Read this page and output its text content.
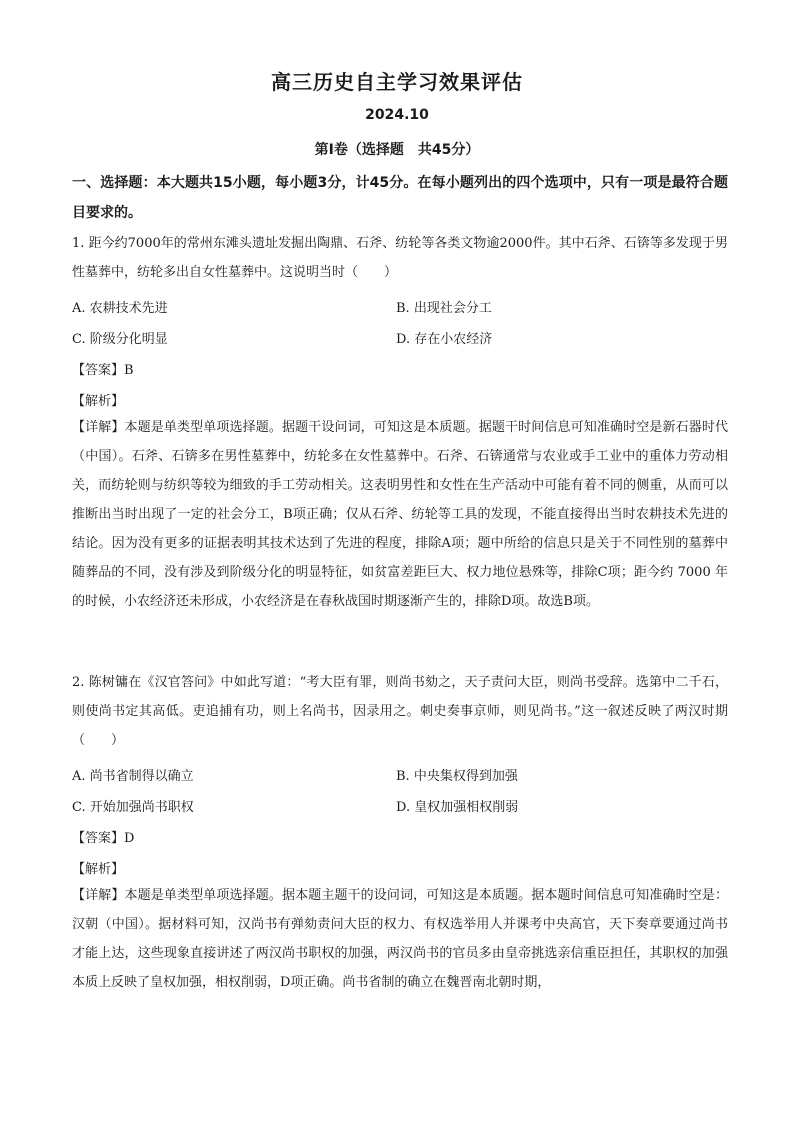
高三历史自主学习效果评估
2024.10
第Ⅰ卷（选择题　共45分）
一、选择题：本大题共15小题，每小题3分，计45分。在每小题列出的四个选项中，只有一项是最符合题目要求的。
1. 距今约7000年的常州东滩头遗址发掘出陶鼎、石斧、纺轮等各类文物逾2000件。其中石斧、石锛等多发现于男性墓葬中，纺轮多出自女性墓葬中。这说明当时（　　）
A. 农耕技术先进	B. 出现社会分工
C. 阶级分化明显	D. 存在小农经济
【答案】B
【解析】
【详解】本题是单类型单项选择题。据题干设问词，可知这是本质题。据题干时间信息可知准确时空是新石器时代（中国）。石斧、石锛多在男性墓葬中，纺轮多在女性墓葬中。石斧、石锛通常与农业或手工业中的重体力劳动相关，而纺轮则与纺织等较为细致的手工劳动相关。这表明男性和女性在生产活动中可能有着不同的侧重，从而可以推断出当时出现了一定的社会分工，B项正确；仅从石斧、纺轮等工具的发现，不能直接得出当时农耕技术先进的结论。因为没有更多的证据表明其技术达到了先进的程度，排除A项；题中所给的信息只是关于不同性别的墓葬中随葬品的不同，没有涉及到阶级分化的明显特征，如贫富差距巨大、权力地位悬殊等，排除C项；距今约 7000 年的时候，小农经济还未形成，小农经济是在春秋战国时期逐渐产生的，排除D项。故选B项。
2. 陈树镛在《汉官答问》中如此写道：“考大臣有罪，则尚书劾之，天子责问大臣，则尚书受辞。选第中二千石，则使尚书定其高低。吏追捕有功，则上名尚书，因录用之。刺史奏事京师，则见尚书。”这一叙述反映了两汉时期（　　）
A. 尚书省制得以确立	B. 中央集权得到加强
C. 开始加强尚书职权	D. 皇权加强相权削弱
【答案】D
【解析】
【详解】本题是单类型单项选择题。据本题主题干的设问词，可知这是本质题。据本题时间信息可知准确时空是：汉朝（中国）。据材料可知，汉尚书有弹劾责问大臣的权力、有权选举用人并课考中央高官，天下奏章要通过尚书才能上达，这些现象直接讲述了两汉尚书职权的加强，两汉尚书的官员多由皇帝挑选亲信重臣担任，其职权的加强本质上反映了皇权加强，相权削弱，D项正确。尚书省制的确立在魏晋南北朝时期，
